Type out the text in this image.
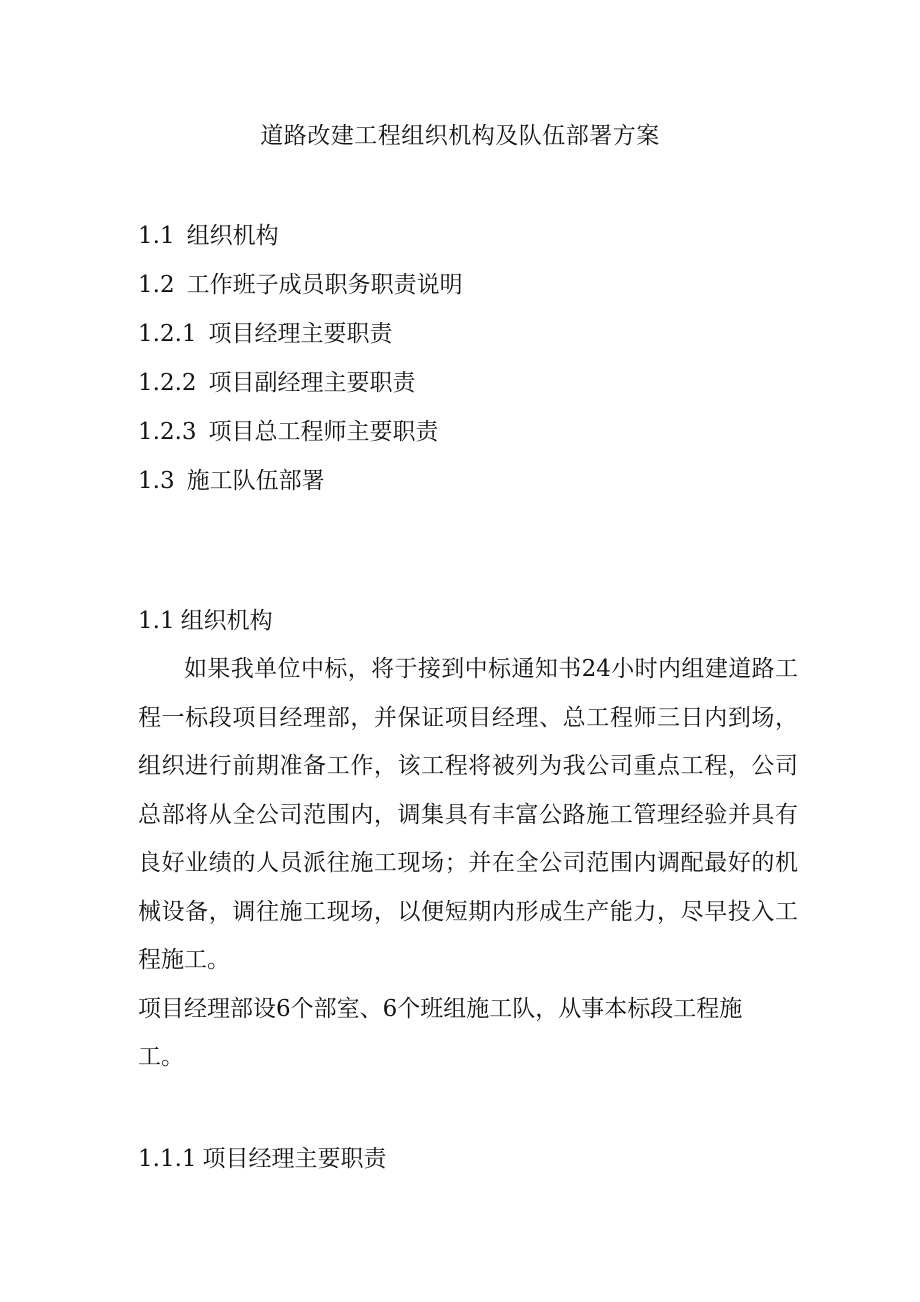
道路改建工程组织机构及队伍部署方案
1.1 组织机构
1.2 工作班子成员职务职责说明
1.2.1 项目经理主要职责
1.2.2 项目副经理主要职责
1.2.3 项目总工程师主要职责
1.3 施工队伍部署
1.1 组织机构

如果我单位中标，将于接到中标通知书24小时内组建道路工程一标段项目经理部，并保证项目经理、总工程师三日内到场，组织进行前期准备工作，该工程将被列为我公司重点工程，公司总部将从全公司范围内，调集具有丰富公路施工管理经验并具有良好业绩的人员派往施工现场；并在全公司范围内调配最好的机械设备，调往施工现场，以便短期内形成生产能力，尽早投入工程施工。

项目经理部设6个部室、6个班组施工队，从事本标段工程施工。

1.1.1 项目经理主要职责
